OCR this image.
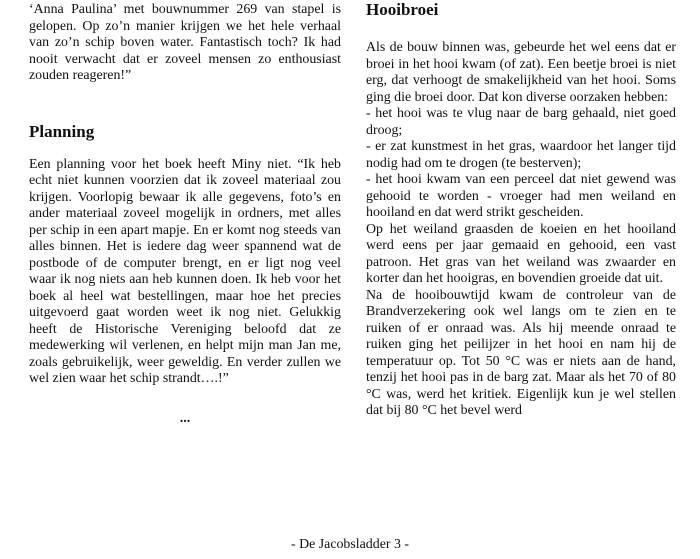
‘Anna Paulina’ met bouwnummer 269 van stapel is gelopen. Op zo’n manier krijgen we het hele verhaal van zo’n schip boven water. Fantastisch toch? Ik had nooit verwacht dat er zoveel mensen zo enthousiast zouden reageren!”

Planning

Een planning voor het boek heeft Miny niet. “Ik heb echt niet kunnen voorzien dat ik zoveel materiaal zou krijgen. Voorlopig bewaar ik alle gegevens, foto’s en ander materiaal zoveel mogelijk in ordners, met alles per schip in een apart mapje. En er komt nog steeds van alles binnen. Het is iedere dag weer spannend wat de postbode of de computer brengt, en er ligt nog veel waar ik nog niets aan heb kunnen doen. Ik heb voor het boek al heel wat bestellingen, maar hoe het precies uitgevoerd gaat worden weet ik nog niet. Gelukkig heeft de Historische Vereniging beloofd dat ze medewerking wil verlenen, en helpt mijn man Jan me, zoals gebruikelijk, weer geweldig. En verder zullen we wel zien waar het schip strandt….!”

...

Hooibroei

Als de bouw binnen was, gebeurde het wel eens dat er broei in het hooi kwam (of zat). Een beetje broei is niet erg, dat verhoogt de smakelijkheid van het hooi. Soms ging die broei door. Dat kon diverse oorzaken hebben:

- het hooi was te vlug naar de barg gehaald, niet goed droog;

- er zat kunstmest in het gras, waardoor het langer tijd nodig had om te drogen (te besterven);

- het hooi kwam van een perceel dat niet gewend was gehooid te worden - vroeger had men weiland en hooiland en dat werd strikt gescheiden.

Op het weiland graasden de koeien en het hooiland werd eens per jaar gemaaid en gehooid, een vast patroon. Het gras van het weiland was zwaarder en korter dan het hooigras, en bovendien groeide dat uit.

Na de hooibouwtijd kwam de controleur van de Brandverzekering ook wel langs om te zien en te ruiken of er onraad was. Als hij meende onraad te ruiken ging het peilijzer in het hooi en nam hij de temperatuur op. Tot 50 °C was er niets aan de hand, tenzij het hooi pas in de barg zat. Maar als het 70 of 80 °C was, werd het kritiek. Eigenlijk kun je wel stellen dat bij 80 °C het bevel werd

- De Jacobsladder 3 -
